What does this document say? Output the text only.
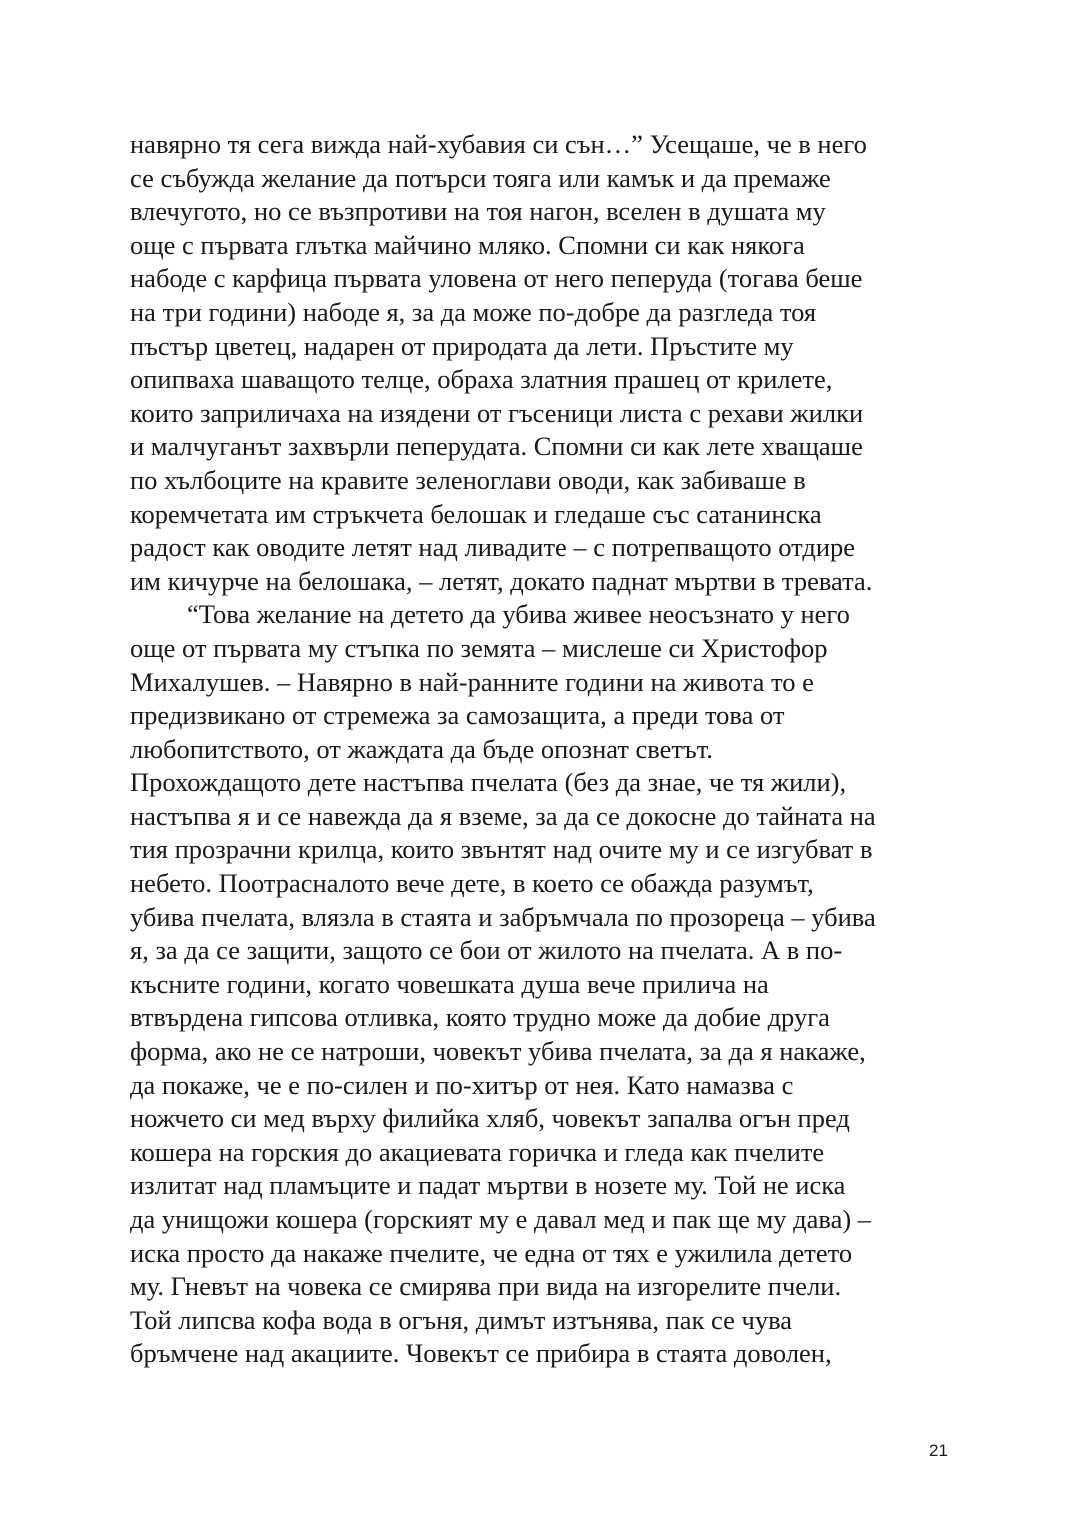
навярно тя сега вижда най-хубавия си сън…” Усещаше, че в него
се събужда желание да потърси тояга или камък и да премаже
влечугото, но се възпротиви на тоя нагон, вселен в душата му
още с първата глътка майчино мляко. Спомни си как някога
набоде с карфица първата уловена от него пеперуда (тогава беше
на три години) набоде я, за да може по-добре да разгледа тоя
пъстър цветец, надарен от природата да лети. Пръстите му
опипваха шаващото телце, обраха златния прашец от крилете,
които заприличаха на изядени от гъсеници листа с рехави жилки
и малчуганът захвърли пеперудата. Спомни си как лете хващаше
по хълбоците на кравите зеленоглави оводи, как забиваше в
коремчетата им стръкчета белошак и гледаше със сатанинска
радост как оводите летят над ливадите – с потрепващото отдире
им кичурче на белошака, – летят, докато паднат мъртви в тревата.
“Това желание на детето да убива живее неосъзнато у него
още от първата му стъпка по земята – мислеше си Христофор
Михалушев. – Навярно в най-ранните години на живота то е
предизвикано от стремежа за самозащита, а преди това от
любопитството, от жаждата да бъде опознат светът.
Прохождащото дете настъпва пчелата (без да знае, че тя жили),
настъпва я и се навежда да я вземе, за да се докосне до тайната на
тия прозрачни крилца, които звънтят над очите му и се изгубват в
небето. Поотрасналото вече дете, в което се обажда разумът,
убива пчелата, влязла в стаята и забръмчала по прозореца – убива
я, за да се защити, защото се бои от жилото на пчелата. А в по-
късните години, когато човешката душа вече прилича на
втвърдена гипсова отливка, която трудно може да добие друга
форма, ако не се натроши, човекът убива пчелата, за да я накаже,
да покаже, че е по-силен и по-хитър от нея. Като намазва с
ножчето си мед върху филийка хляб, човекът запалва огън пред
кошера на горския до акациевата горичка и гледа как пчелите
излитат над пламъците и падат мъртви в нозете му. Той не иска
да унищожи кошера (горският му е давал мед и пак ще му дава) –
иска просто да накаже пчелите, че една от тях е ужилила детето
му. Гневът на човека се смирява при вида на изгорелите пчели.
Той липсва кофа вода в огъня, димът изтънява, пак се чува
бръмчене над акациите. Човекът се прибира в стаята доволен,
21
